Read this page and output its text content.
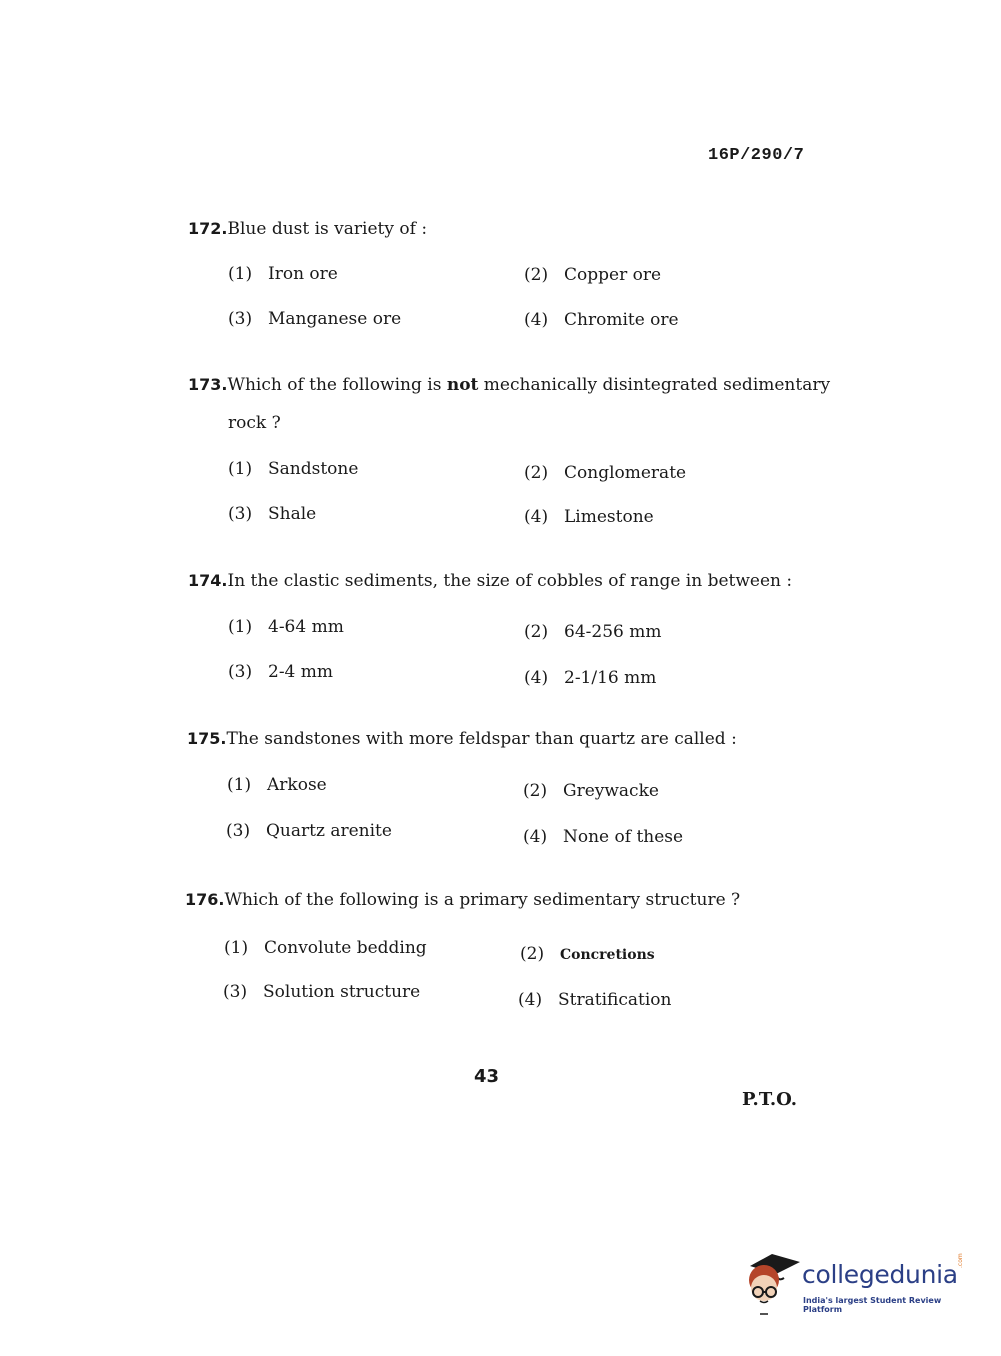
16P/290/7
172.Blue dust is variety of :
(1) Iron ore	(2) Copper ore
(3) Manganese ore	(4) Chromite ore
173.Which of the following is not mechanically disintegrated sedimentary
rock ?
(1) Sandstone	(2) Conglomerate
(3) Shale	(4) Limestone
174.In the clastic sediments, the size of cobbles of range in between :
(1) 4-64 mm	(2) 64-256 mm
(3) 2-4 mm	(4) 2-1/16 mm
175.The sandstones with more feldspar than quartz are called :
(1) Arkose	(2) Greywacke
(3) Quartz arenite	(4) None of these
176.Which of the following is a primary sedimentary structure ?
(1) Convolute bedding	(2) Concretions
(3) Solution structure	(4) Stratification
43
P.T.O.
collegedunia
India's largest Student Review Platform
.com
